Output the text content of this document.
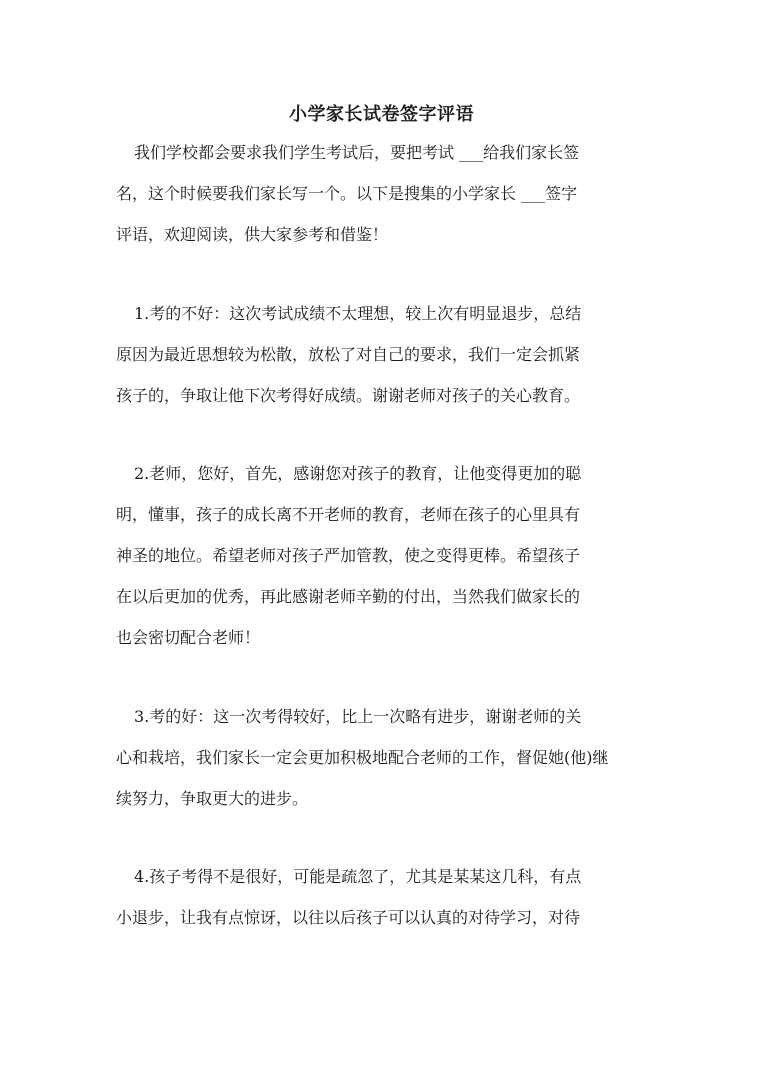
小学家长试卷签字评语
我们学校都会要求我们学生考试后，要把考试 ___给我们家长签
名，这个时候要我们家长写一个。以下是搜集的小学家长 ___签字
评语，欢迎阅读，供大家参考和借鉴！
1.考的不好：这次考试成绩不太理想，较上次有明显退步，总结
原因为最近思想较为松散，放松了对自己的要求，我们一定会抓紧
孩子的，争取让他下次考得好成绩。谢谢老师对孩子的关心教育。
2.老师，您好，首先，感谢您对孩子的教育，让他变得更加的聪
明，懂事，孩子的成长离不开老师的教育，老师在孩子的心里具有
神圣的地位。希望老师对孩子严加管教，使之变得更棒。希望孩子
在以后更加的优秀，再此感谢老师辛勤的付出，当然我们做家长的
也会密切配合老师！
3.考的好：这一次考得较好，比上一次略有进步，谢谢老师的关
心和栽培，我们家长一定会更加积极地配合老师的工作，督促她(他)继
续努力，争取更大的进步。
4.孩子考得不是很好，可能是疏忽了，尤其是某某这几科，有点
小退步，让我有点惊讶，以往以后孩子可以认真的对待学习，对待
